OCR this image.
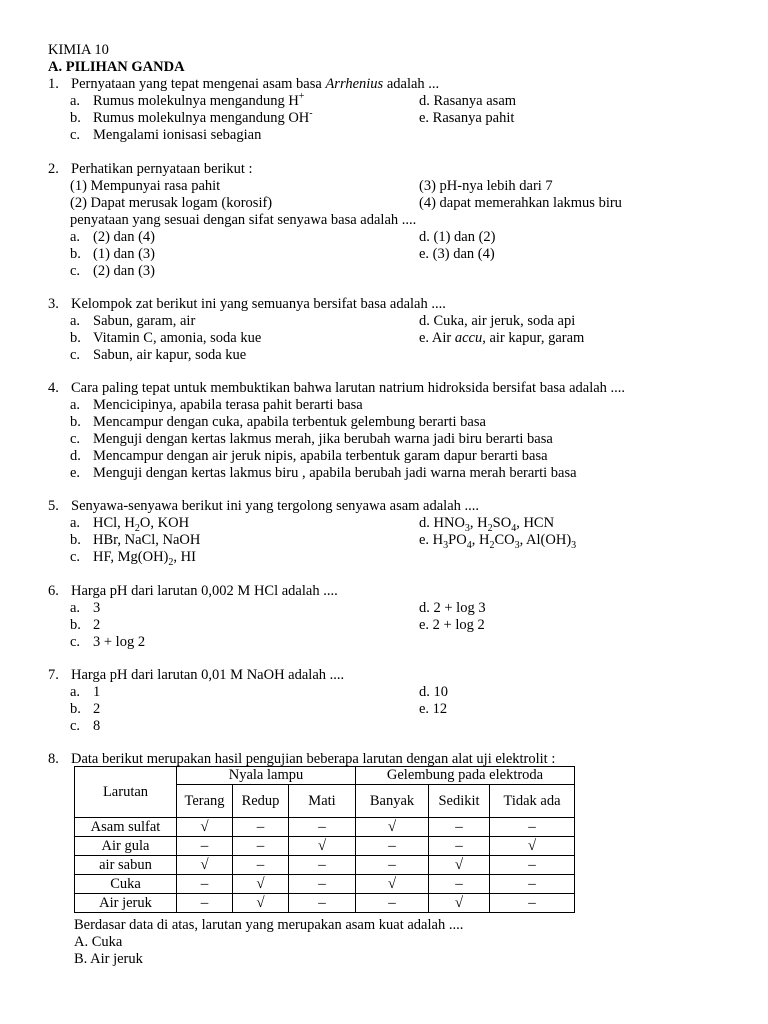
KIMIA 10
A. PILIHAN GANDA
1. Pernyataan yang tepat mengenai asam basa Arrhenius adalah ...
a. Rumus molekulnya mengandung H+	d. Rasanya asam
b. Rumus molekulnya mengandung OH-	e. Rasanya pahit
c. Mengalami ionisasi sebagian
2. Perhatikan pernyataan berikut :
(1) Mempunyai rasa pahit	(3) pH-nya lebih dari 7
(2) Dapat merusak logam (korosif)	(4) dapat memerahkan lakmus biru
penyataan yang sesuai dengan sifat senyawa basa adalah ....
a. (2) dan (4)	d. (1) dan (2)
b. (1) dan (3)	e. (3) dan (4)
c. (2) dan (3)
3. Kelompok zat berikut ini yang semuanya bersifat basa adalah ....
a. Sabun, garam, air	d. Cuka, air jeruk, soda api
b. Vitamin C, amonia, soda kue	e. Air accu, air kapur, garam
c. Sabun, air kapur, soda kue
4. Cara paling tepat untuk membuktikan bahwa larutan natrium hidroksida bersifat basa adalah ....
a. Mencicipinya, apabila terasa pahit berarti basa
b. Mencampur dengan cuka, apabila terbentuk gelembung berarti basa
c. Menguji dengan kertas lakmus merah, jika berubah warna jadi biru berarti basa
d. Mencampur dengan air jeruk nipis, apabila terbentuk garam dapur berarti basa
e. Menguji dengan kertas lakmus biru , apabila berubah jadi warna merah berarti basa
5. Senyawa-senyawa berikut ini yang tergolong senyawa asam adalah ....
a. HCl, $H_2O$, KOH	d. $HNO_3$, $H_2SO_4$, HCN
b. HBr, NaCl, NaOH	e. $H_3PO_4$, $H_2CO_3$, $Al(OH)_3$
c. HF, $Mg(OH)_2$, HI
6. Harga pH dari larutan 0,002 M HCl adalah ....
a. 3	d. 2 + log 3
b. 2	e. 2 + log 2
c. 3 + log 2
7. Harga pH dari larutan 0,01 M NaOH adalah ....
a. 1	d. 10
b. 2	e. 12
c. 8
8. Data berikut merupakan hasil pengujian beberapa larutan dengan alat uji elektrolit :
Larutan	Nyala lampu			Gelembung pada elektroda		
	Terang	Redup	Mati	Banyak	Sedikit	Tidak ada
Asam sulfat	√	–	–	√	–	–
Air gula	–	–	√	–	–	√
air sabun	√	–	–	–	√	–
Cuka	–	√	–	√	–	–
Air jeruk	–	√	–	–	√	–
Berdasar data di atas, larutan yang merupakan asam kuat adalah ....
A. Cuka
B. Air jeruk
